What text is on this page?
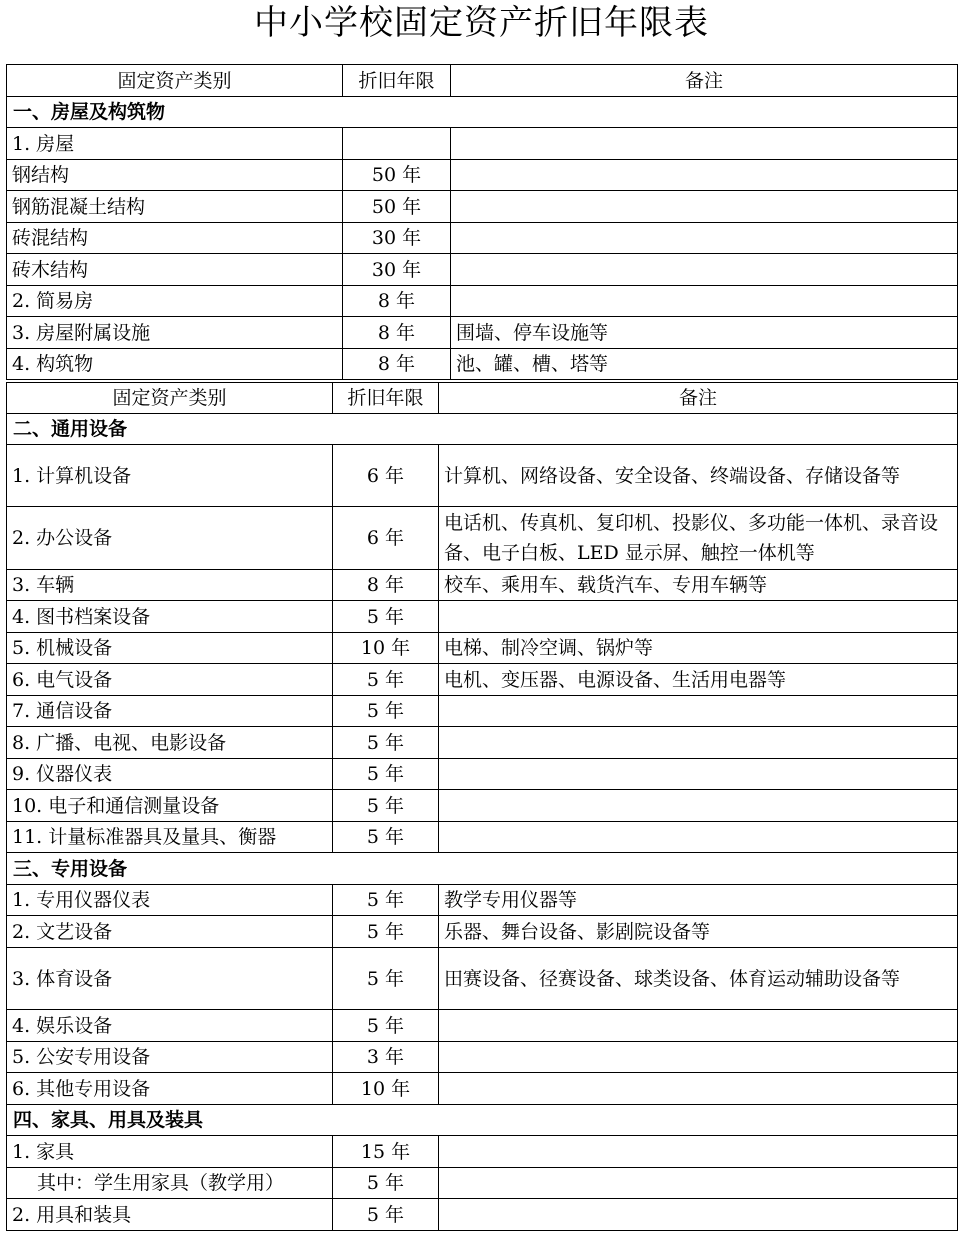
中小学校固定资产折旧年限表
固定资产类别	折旧年限	备注
一、房屋及构筑物		
1. 房屋		
钢结构	50 年	
钢筋混凝土结构	50 年	
砖混结构	30 年	
砖木结构	30 年	
2. 简易房	8 年	
3. 房屋附属设施	8 年	围墙、停车设施等
4. 构筑物	8 年	池、罐、槽、塔等
固定资产类别	折旧年限	备注
二、通用设备		
1. 计算机设备	6 年	计算机、网络设备、安全设备、终端设备、存储设备等
2. 办公设备	6 年	电话机、传真机、复印机、投影仪、多功能一体机、录音设备、电子白板、LED 显示屏、触控一体机等
3. 车辆	8 年	校车、乘用车、载货汽车、专用车辆等
4. 图书档案设备	5 年	
5. 机械设备	10 年	电梯、制冷空调、锅炉等
6. 电气设备	5 年	电机、变压器、电源设备、生活用电器等
7. 通信设备	5 年	
8. 广播、电视、电影设备	5 年	
9. 仪器仪表	5 年	
10. 电子和通信测量设备	5 年	
11. 计量标准器具及量具、衡器	5 年	
三、专用设备		
1. 专用仪器仪表	5 年	教学专用仪器等
2. 文艺设备	5 年	乐器、舞台设备、影剧院设备等
3. 体育设备	5 年	田赛设备、径赛设备、球类设备、体育运动辅助设备等
4. 娱乐设备	5 年	
5. 公安专用设备	3 年	
6. 其他专用设备	10 年	
四、家具、用具及装具		
1. 家具	15 年	
其中：学生用家具（教学用）	5 年	
2. 用具和装具	5 年	
